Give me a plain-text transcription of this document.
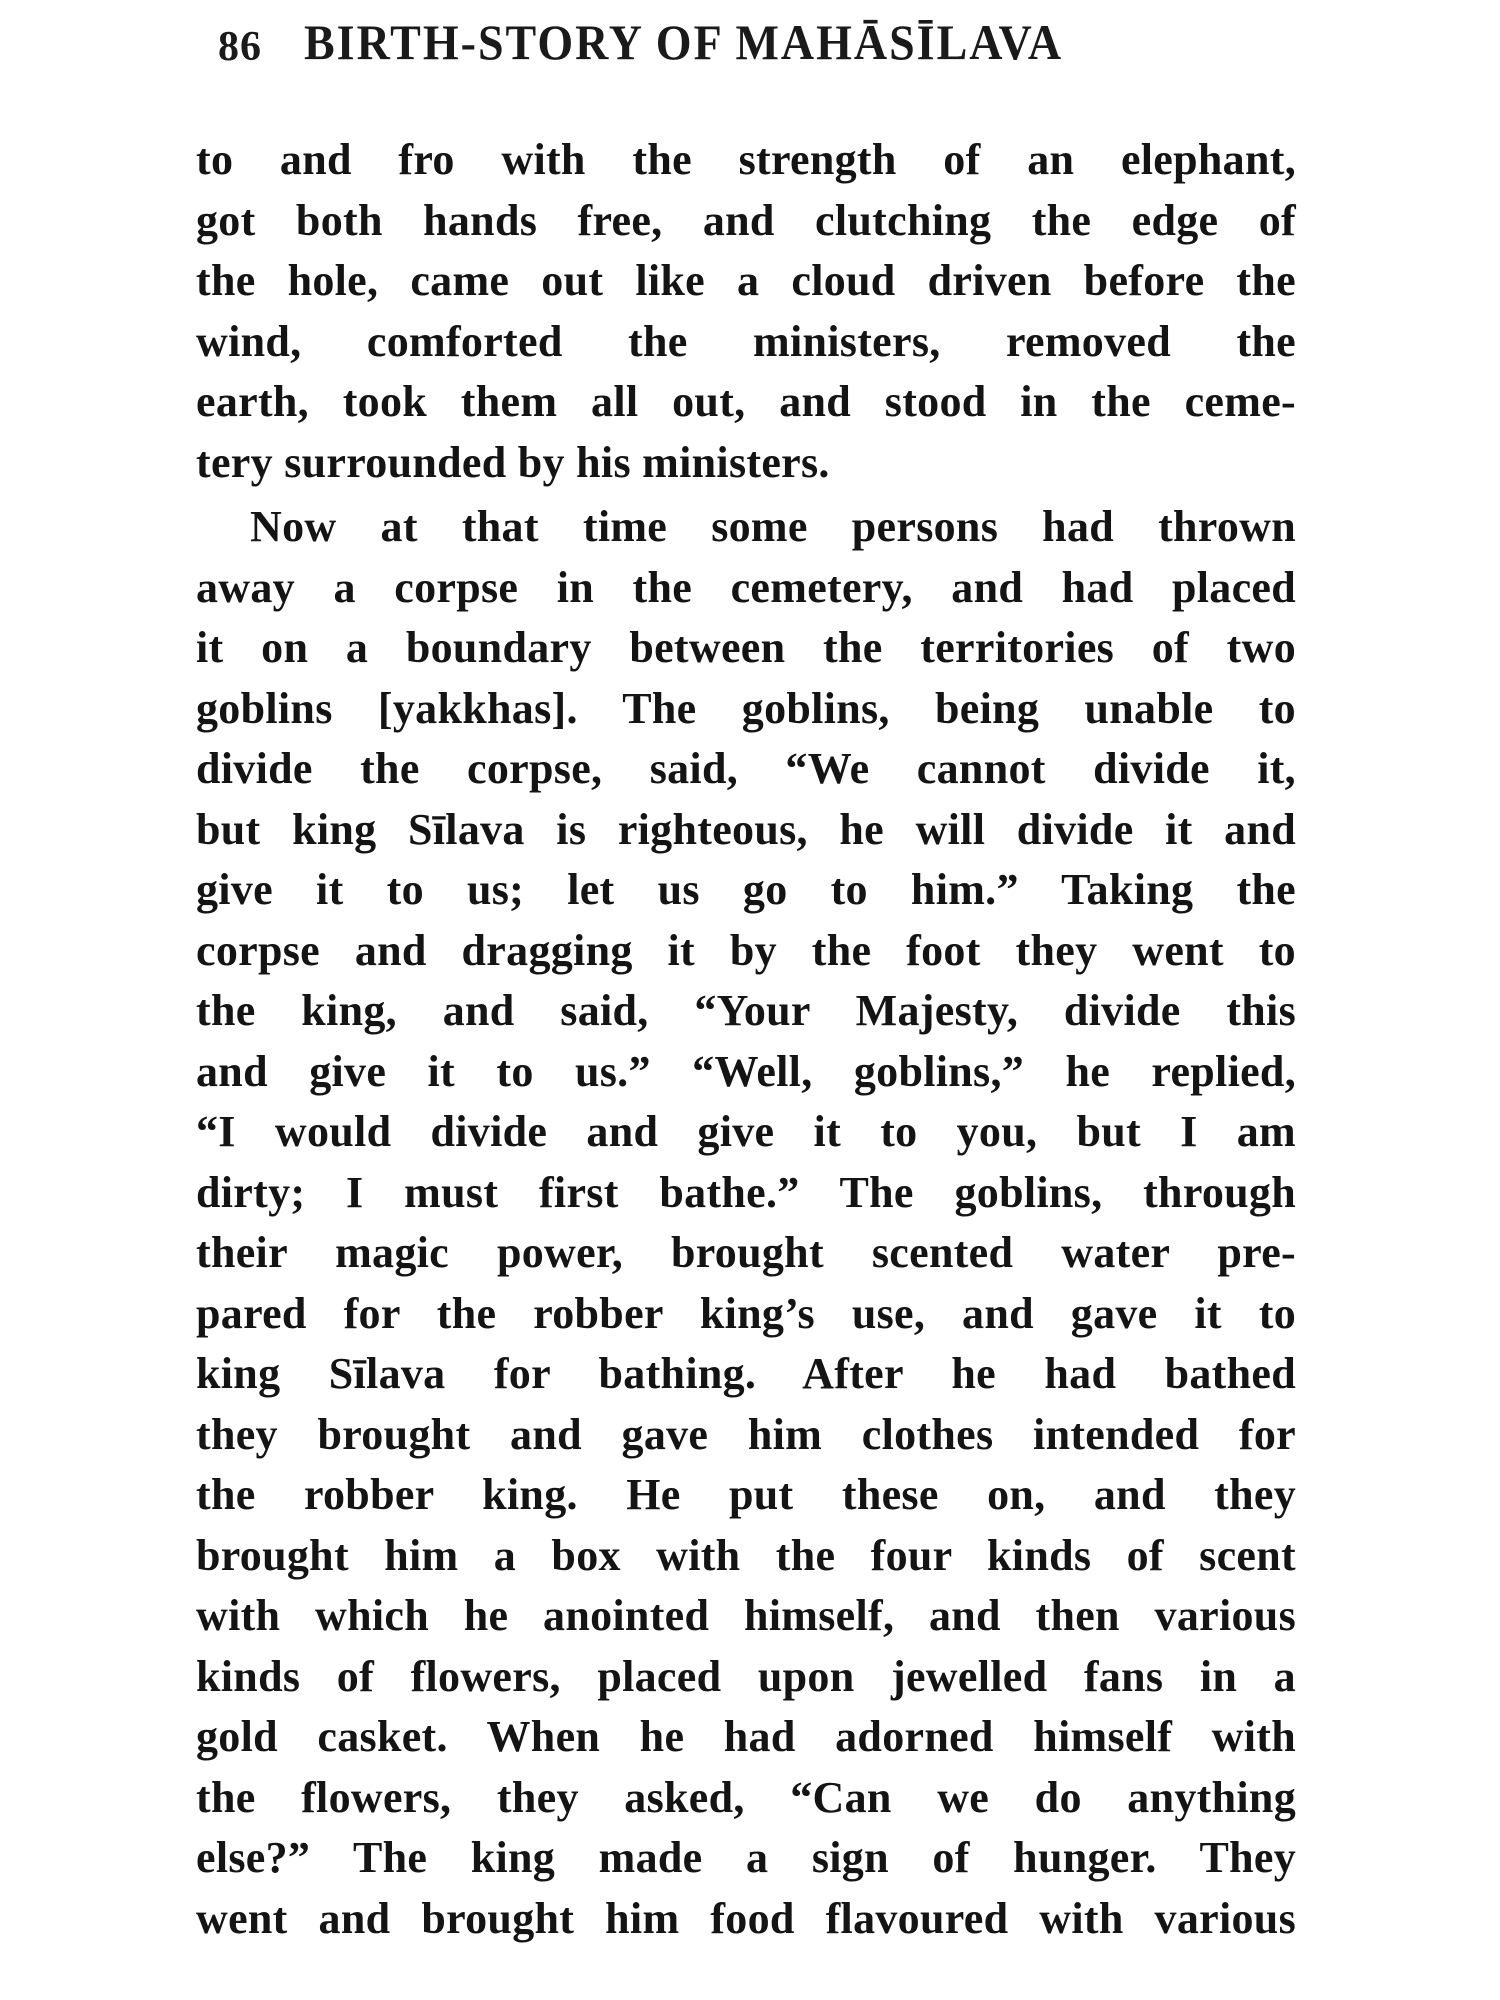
86 BIRTH-STORY OF MAHĀSĪLAVA
to and fro with the strength of an elephant,
got both hands free, and clutching the edge of
the hole, came out like a cloud driven before the
wind, comforted the ministers, removed the
earth, took them all out, and stood in the ceme-
tery surrounded by his ministers.
Now at that time some persons had thrown
away a corpse in the cemetery, and had placed
it on a boundary between the territories of two
goblins [yakkhas]. The goblins, being unable to
divide the corpse, said, “We cannot divide it,
but king Sīlava is righteous, he will divide it and
give it to us; let us go to him.” Taking the
corpse and dragging it by the foot they went to
the king, and said, “Your Majesty, divide this
and give it to us.” “Well, goblins,” he replied,
“I would divide and give it to you, but I am
dirty; I must first bathe.” The goblins, through
their magic power, brought scented water pre-
pared for the robber king’s use, and gave it to
king Sīlava for bathing. After he had bathed
they brought and gave him clothes intended for
the robber king. He put these on, and they
brought him a box with the four kinds of scent
with which he anointed himself, and then various
kinds of flowers, placed upon jewelled fans in a
gold casket. When he had adorned himself with
the flowers, they asked, “Can we do anything
else?” The king made a sign of hunger. They
went and brought him food flavoured with various
